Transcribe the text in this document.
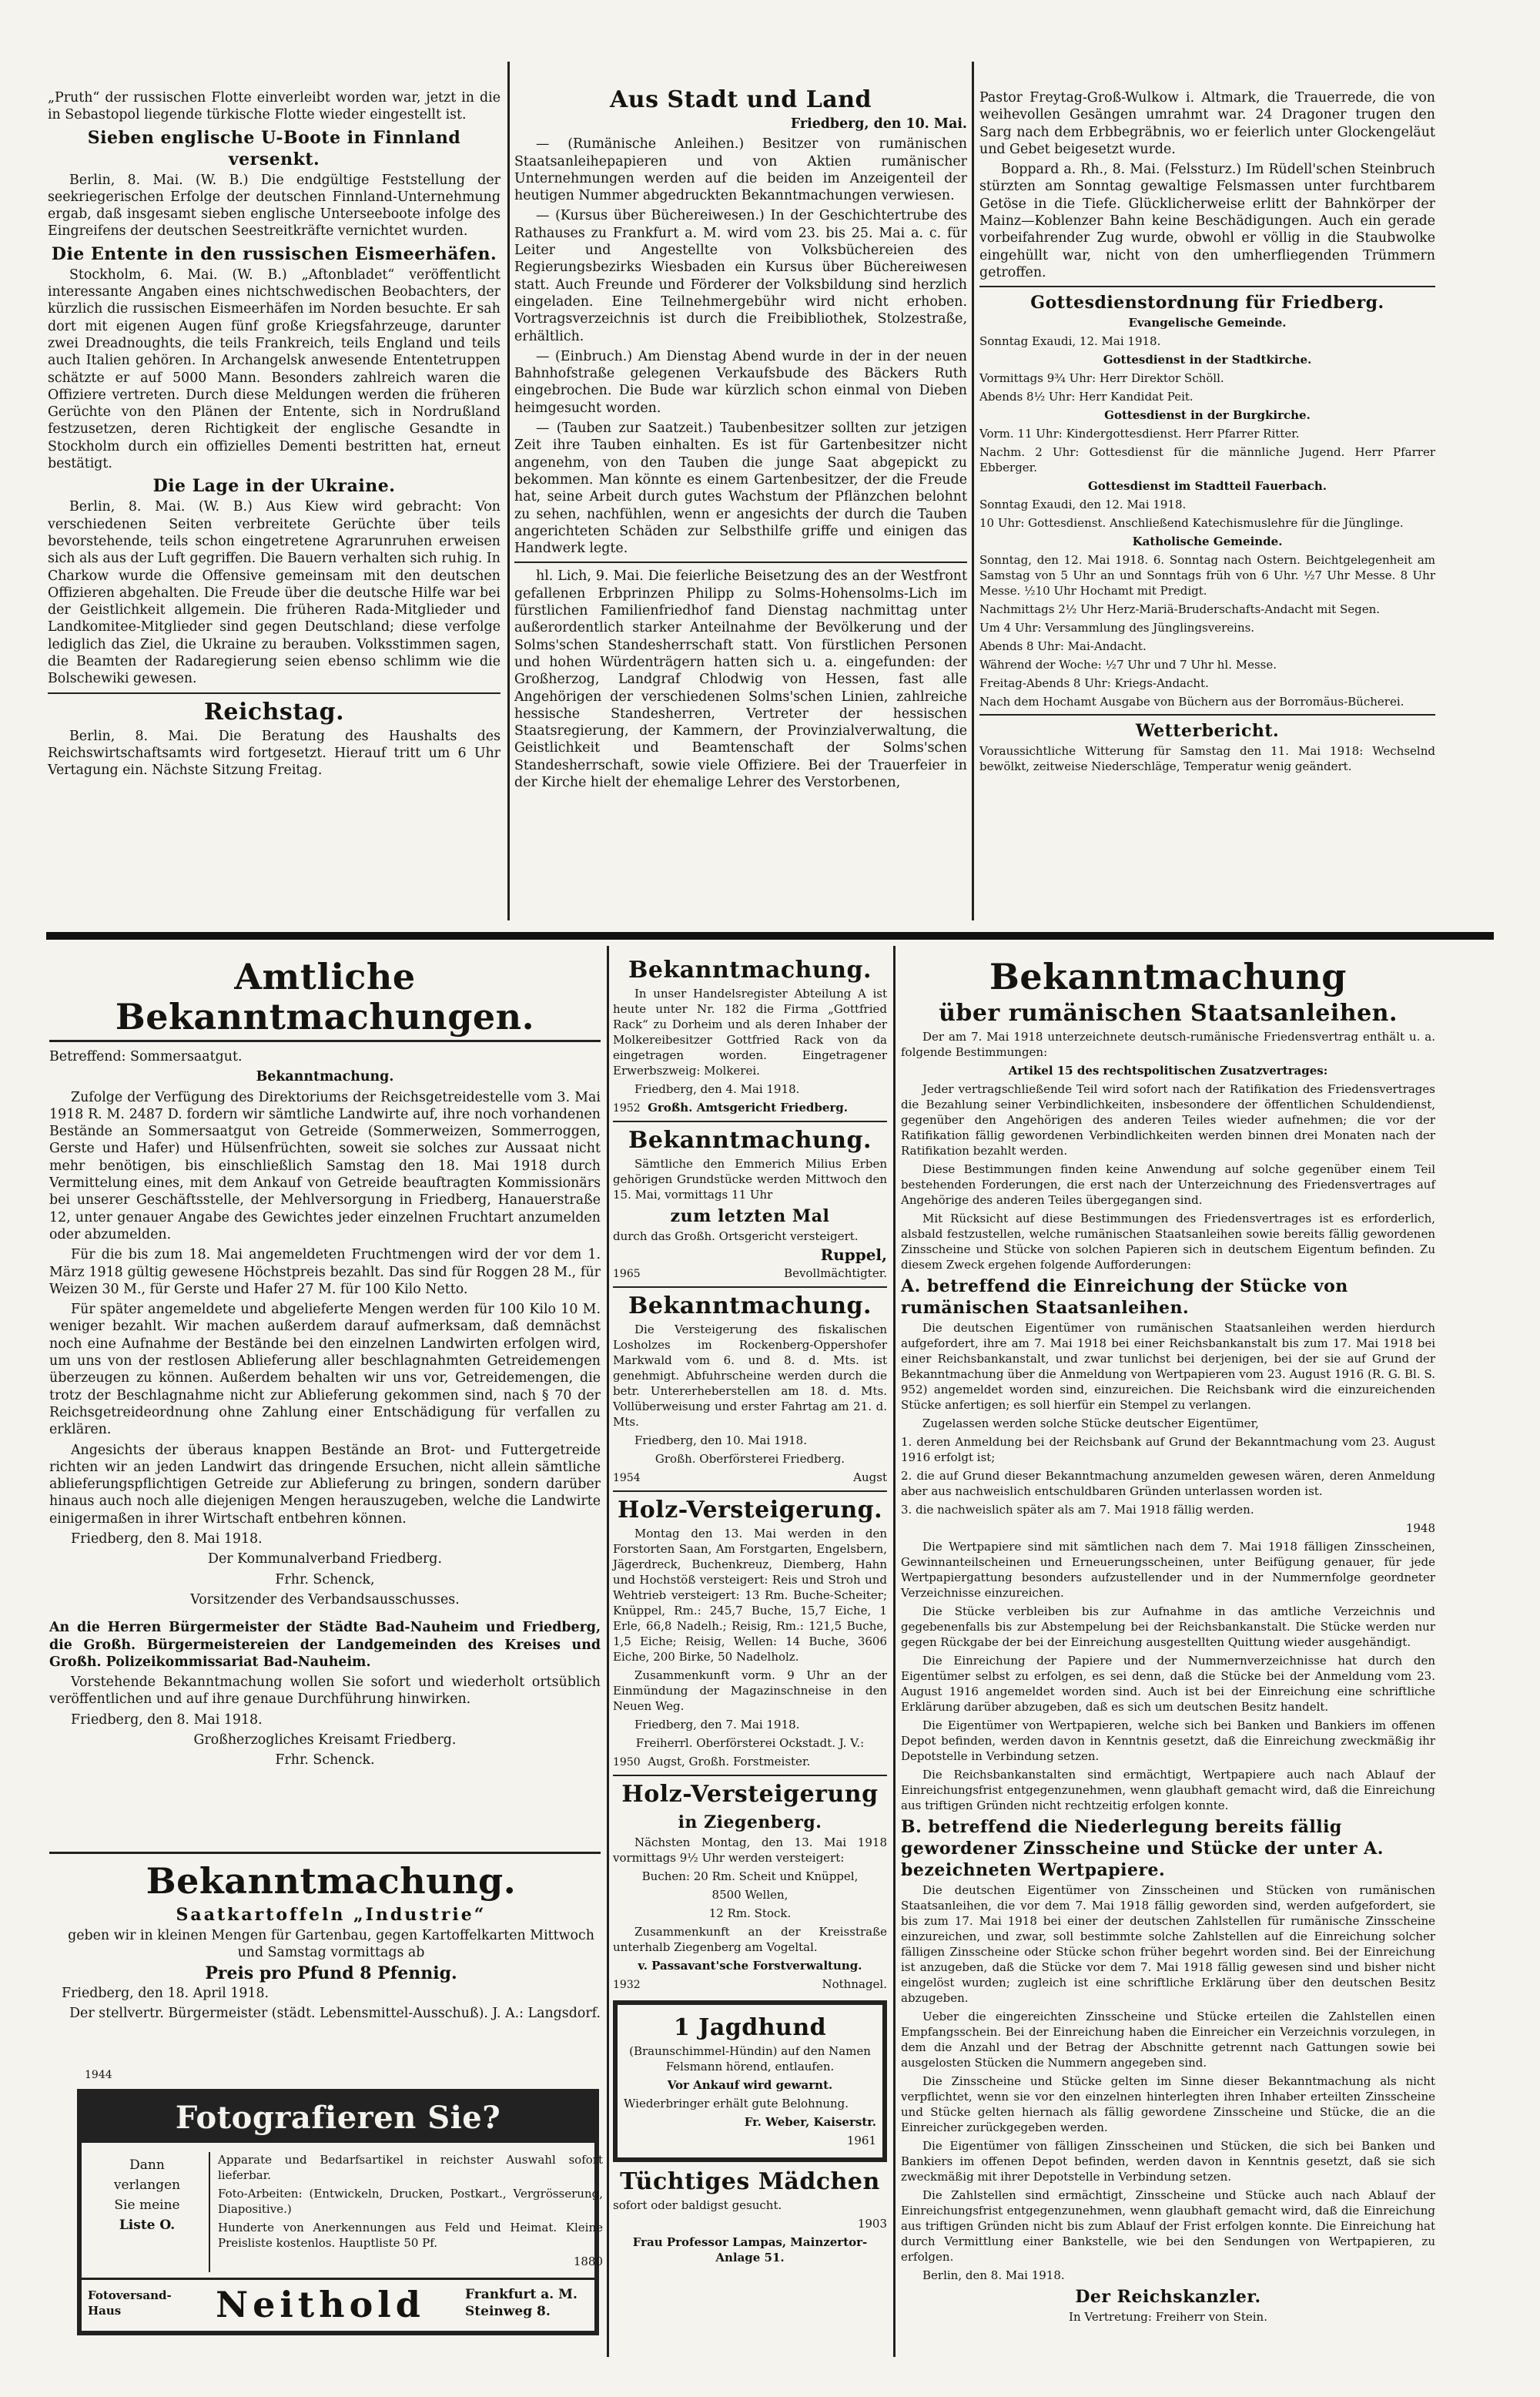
„Pruth“ der russischen Flotte einverleibt worden war, jetzt in die in Sebastopol liegende türkische Flotte wieder eingestellt ist.

Sieben englische U-Boote in Finnland versenkt.

Berlin, 8. Mai. (W. B.) Die endgültige Feststellung der seekriegerischen Erfolge der deutschen Finnland-Unternehmung ergab, daß insgesamt sieben englische Unterseeboote infolge des Eingreifens der deutschen Seestreitkräfte vernichtet wurden.

Die Entente in den russischen Eismeerhäfen.

Stockholm, 6. Mai. (W. B.) „Aftonbladet“ veröffentlicht interessante Angaben eines nichtschwedischen Beobachters, der kürzlich die russischen Eismeerhäfen im Norden besuchte. Er sah dort mit eigenen Augen fünf große Kriegsfahrzeuge, darunter zwei Dreadnoughts, die teils Frankreich, teils England und teils auch Italien gehören. In Archangelsk anwesende Ententetruppen schätzte er auf 5000 Mann. Besonders zahlreich waren die Offiziere vertreten. Durch diese Meldungen werden die früheren Gerüchte von den Plänen der Entente, sich in Nordrußland festzusetzen, deren Richtigkeit der englische Gesandte in Stockholm durch ein offizielles Dementi bestritten hat, erneut bestätigt.

Die Lage in der Ukraine.

Berlin, 8. Mai. (W. B.) Aus Kiew wird gebracht: Von verschiedenen Seiten verbreitete Gerüchte über teils bevorstehende, teils schon eingetretene Agrarunruhen erweisen sich als aus der Luft gegriffen. Die Bauern verhalten sich ruhig. In Charkow wurde die Offensive gemeinsam mit den deutschen Offizieren abgehalten. Die Freude über die deutsche Hilfe war bei der Geistlichkeit allgemein. Die früheren Rada-Mitglieder und Landkomitee-Mitglieder sind gegen Deutschland; diese verfolge lediglich das Ziel, die Ukraine zu berauben. Volksstimmen sagen, die Beamten der Radaregierung seien ebenso schlimm wie die Bolschewiki gewesen.

Reichstag.

Berlin, 8. Mai. Die Beratung des Haushalts des Reichswirtschaftsamts wird fortgesetzt. Hierauf tritt um 6 Uhr Vertagung ein. Nächste Sitzung Freitag.

Aus Stadt und Land

Friedberg, den 10. Mai.

— (Rumänische Anleihen.) Besitzer von rumänischen Staatsanleihepapieren und von Aktien rumänischer Unternehmungen werden auf die beiden im Anzeigenteil der heutigen Nummer abgedruckten Bekanntmachungen verwiesen.

— (Kursus über Büchereiwesen.) In der Geschichtertrube des Rathauses zu Frankfurt a. M. wird vom 23. bis 25. Mai a. c. für Leiter und Angestellte von Volksbüchereien des Regierungsbezirks Wiesbaden ein Kursus über Büchereiwesen statt. Auch Freunde und Förderer der Volksbildung sind herzlich eingeladen. Eine Teilnehmergebühr wird nicht erhoben. Vortragsverzeichnis ist durch die Freibibliothek, Stolzestraße, erhältlich.

— (Einbruch.) Am Dienstag Abend wurde in der in der neuen Bahnhofstraße gelegenen Verkaufsbude des Bäckers Ruth eingebrochen. Die Bude war kürzlich schon einmal von Dieben heimgesucht worden.

— (Tauben zur Saatzeit.) Taubenbesitzer sollten zur jetzigen Zeit ihre Tauben einhalten. Es ist für Gartenbesitzer nicht angenehm, von den Tauben die junge Saat abgepickt zu bekommen. Man könnte es einem Gartenbesitzer, der die Freude hat, seine Arbeit durch gutes Wachstum der Pflänzchen belohnt zu sehen, nachfühlen, wenn er angesichts der durch die Tauben angerichteten Schäden zur Selbsthilfe griffe und einigen das Handwerk legte.

hl. Lich, 9. Mai. Die feierliche Beisetzung des an der Westfront gefallenen Erbprinzen Philipp zu Solms-Hohensolms-Lich im fürstlichen Familienfriedhof fand Dienstag nachmittag unter außerordentlich starker Anteilnahme der Bevölkerung und der Solms'schen Standesherrschaft statt. Von fürstlichen Personen und hohen Würdenträgern hatten sich u. a. eingefunden: der Großherzog, Landgraf Chlodwig von Hessen, fast alle Angehörigen der verschiedenen Solms'schen Linien, zahlreiche hessische Standesherren, Vertreter der hessischen Staatsregierung, der Kammern, der Provinzialverwaltung, die Geistlichkeit und Beamtenschaft der Solms'schen Standesherrschaft, sowie viele Offiziere. Bei der Trauerfeier in der Kirche hielt der ehemalige Lehrer des Verstorbenen,

Pastor Freytag-Groß-Wulkow i. Altmark, die Trauerrede, die von weihevollen Gesängen umrahmt war. 24 Dragoner trugen den Sarg nach dem Erbbegräbnis, wo er feierlich unter Glockengeläut und Gebet beigesetzt wurde.

Boppard a. Rh., 8. Mai. (Felssturz.) Im Rüdell'schen Steinbruch stürzten am Sonntag gewaltige Felsmassen unter furchtbarem Getöse in die Tiefe. Glücklicherweise erlitt der Bahnkörper der Mainz—Koblenzer Bahn keine Beschädigungen. Auch ein gerade vorbeifahrender Zug wurde, obwohl er völlig in die Staubwolke eingehüllt war, nicht von den umherfliegenden Trümmern getroffen.

Gottesdienstordnung für Friedberg.

Evangelische Gemeinde.

Sonntag Exaudi, 12. Mai 1918.

Gottesdienst in der Stadtkirche.

Vormittags 9¾ Uhr: Herr Direktor Schöll.

Abends 8½ Uhr: Herr Kandidat Peit.

Gottesdienst in der Burgkirche.

Vorm. 11 Uhr: Kindergottesdienst. Herr Pfarrer Ritter.

Nachm. 2 Uhr: Gottesdienst für die männliche Jugend. Herr Pfarrer Ebberger.

Gottesdienst im Stadtteil Fauerbach.

Sonntag Exaudi, den 12. Mai 1918.

10 Uhr: Gottesdienst. Anschließend Katechismuslehre für die Jünglinge.

Katholische Gemeinde.

Sonntag, den 12. Mai 1918. 6. Sonntag nach Ostern. Beichtgelegenheit am Samstag von 5 Uhr an und Sonntags früh von 6 Uhr. ½7 Uhr Messe. 8 Uhr Messe. ½10 Uhr Hochamt mit Predigt.

Nachmittags 2½ Uhr Herz-Mariä-Bruderschafts-Andacht mit Segen.

Um 4 Uhr: Versammlung des Jünglingsvereins.

Abends 8 Uhr: Mai-Andacht.

Während der Woche: ½7 Uhr und 7 Uhr hl. Messe.

Freitag-Abends 8 Uhr: Kriegs-Andacht.

Nach dem Hochamt Ausgabe von Büchern aus der Borromäus-Bücherei.

Wetterbericht.

Voraussichtliche Witterung für Samstag den 11. Mai 1918: Wechselnd bewölkt, zeitweise Niederschläge, Temperatur wenig geändert.

Amtliche Bekanntmachungen.

Betreffend: Sommersaatgut.

Bekanntmachung.

Zufolge der Verfügung des Direktoriums der Reichsgetreidestelle vom 3. Mai 1918 R. M. 2487 D. fordern wir sämtliche Landwirte auf, ihre noch vorhandenen Bestände an Sommersaatgut von Getreide (Sommerweizen, Sommerroggen, Gerste und Hafer) und Hülsenfrüchten, soweit sie solches zur Aussaat nicht mehr benötigen, bis einschließlich Samstag den 18. Mai 1918 durch Vermittelung eines, mit dem Ankauf von Getreide beauftragten Kommissionärs bei unserer Geschäftsstelle, der Mehlversorgung in Friedberg, Hanauerstraße 12, unter genauer Angabe des Gewichtes jeder einzelnen Fruchtart anzumelden oder abzumelden.

Für die bis zum 18. Mai angemeldeten Fruchtmengen wird der vor dem 1. März 1918 gültig gewesene Höchstpreis bezahlt. Das sind für Roggen 28 M., für Weizen 30 M., für Gerste und Hafer 27 M. für 100 Kilo Netto.

Für später angemeldete und abgelieferte Mengen werden für 100 Kilo 10 M. weniger bezahlt. Wir machen außerdem darauf aufmerksam, daß demnächst noch eine Aufnahme der Bestände bei den einzelnen Landwirten erfolgen wird, um uns von der restlosen Ablieferung aller beschlagnahmten Getreidemengen überzeugen zu können. Außerdem behalten wir uns vor, Getreidemengen, die trotz der Beschlagnahme nicht zur Ablieferung gekommen sind, nach § 70 der Reichsgetreideordnung ohne Zahlung einer Entschädigung für verfallen zu erklären.

Angesichts der überaus knappen Bestände an Brot- und Futtergetreide richten wir an jeden Landwirt das dringende Ersuchen, nicht allein sämtliche ablieferungspflichtigen Getreide zur Ablieferung zu bringen, sondern darüber hinaus auch noch alle diejenigen Mengen herauszugeben, welche die Landwirte einigermaßen in ihrer Wirtschaft entbehren können.

Friedberg, den 8. Mai 1918.

Der Kommunalverband Friedberg.

Frhr. Schenck,

Vorsitzender des Verbandsausschusses.

An die Herren Bürgermeister der Städte Bad-Nauheim und Friedberg, die Großh. Bürgermeistereien der Landgemeinden des Kreises und Großh. Polizeikommissariat Bad-Nauheim.

Vorstehende Bekanntmachung wollen Sie sofort und wiederholt ortsüblich veröffentlichen und auf ihre genaue Durchführung hinwirken.

Friedberg, den 8. Mai 1918.

Großherzogliches Kreisamt Friedberg.

Frhr. Schenck.

Bekanntmachung.
Saatkartoffeln „Industrie“

geben wir in kleinen Mengen für Gartenbau, gegen Kartoffelkarten Mittwoch und Samstag vormittags ab

Preis pro Pfund 8 Pfennig.

Friedberg, den 18. April 1918.

Der stellvertr. Bürgermeister (städt. Lebensmittel-Ausschuß). J. A.: Langsdorf.

1944
Fotografieren Sie?
Dann
verlangen
Sie meine
Liste O.

Apparate und Bedarfsartikel in reichster Auswahl sofort lieferbar.

Foto-Arbeiten: (Entwickeln, Drucken, Postkart., Vergrösserung, Diapositive.)

Hunderte von Anerkennungen aus Feld und Heimat. Kleine Preisliste kostenlos. Hauptliste 50 Pf.

1880

Fotoversand-Haus	Neithold	Frankfurt a. M.
Steinweg 8.
Bekanntmachung.

In unser Handelsregister Abteilung A ist heute unter Nr. 182 die Firma „Gottfried Rack“ zu Dorheim und als deren Inhaber der Molkereibesitzer Gottfried Rack von da eingetragen worden. Eingetragener Erwerbszweig: Molkerei.

Friedberg, den 4. Mai 1918.

1952 Großh. Amtsgericht Friedberg.

Bekanntmachung.

Sämtliche den Emmerich Milius Erben gehörigen Grundstücke werden Mittwoch den 15. Mai, vormittags 11 Uhr

zum letzten Mal

durch das Großh. Ortsgericht versteigert.

Ruppel,

1965	Bevollmächtigter.

Bekanntmachung.

Die Versteigerung des fiskalischen Losholzes im Rockenberg-Oppershofer Markwald vom 6. und 8. d. Mts. ist genehmigt. Abfuhrscheine werden durch die betr. Untererheberstellen am 18. d. Mts. Vollüberweisung und erster Fahrtag am 21. d. Mts.

Friedberg, den 10. Mai 1918.

Großh. Oberförsterei Friedberg.

1954	Augst

Holz-Versteigerung.

Montag den 13. Mai werden in den Forstorten Saan, Am Forstgarten, Engelsbern, Jägerdreck, Buchenkreuz, Diemberg, Hahn und Hochstöß versteigert: Reis und Stroh und Wehtrieb versteigert: 13 Rm. Buche-Scheiter; Knüppel, Rm.: 245,7 Buche, 15,7 Eiche, 1 Erle, 66,8 Nadelh.; Reisig, Rm.: 121,5 Buche, 1,5 Eiche; Reisig, Wellen: 14 Buche, 3606 Eiche, 200 Birke, 50 Nadelholz.

Zusammenkunft vorm. 9 Uhr an der Einmündung der Magazinschneise in den Neuen Weg.

Friedberg, den 7. Mai 1918.

Freiherrl. Oberförsterei Ockstadt. J. V.:

1950 Augst, Großh. Forstmeister.

Holz-Versteigerung
in Ziegenberg.

Nächsten Montag, den 13. Mai 1918 vormittags 9½ Uhr werden versteigert:

Buchen: 20 Rm. Scheit und Knüppel,

8500 Wellen,

12 Rm. Stock.

Zusammenkunft an der Kreisstraße unterhalb Ziegenberg am Vogeltal.

v. Passavant'sche Forstverwaltung.

1932	Nothnagel.

1 Jagdhund

(Braunschimmel-Hündin) auf den Namen Felsmann hörend, entlaufen.

Vor Ankauf wird gewarnt.

Wiederbringer erhält gute Belohnung.

Fr. Weber, Kaiserstr.

1961

Tüchtiges Mädchen

sofort oder baldigst gesucht.

1903

Frau Professor Lampas, Mainzertor-Anlage 51.

Bekanntmachung
über rumänischen Staatsanleihen.

Der am 7. Mai 1918 unterzeichnete deutsch-rumänische Friedensvertrag enthält u. a. folgende Bestimmungen:

Artikel 15 des rechtspolitischen Zusatzvertrages:

Jeder vertragschließende Teil wird sofort nach der Ratifikation des Friedensvertrages die Bezahlung seiner Verbindlichkeiten, insbesondere der öffentlichen Schuldendienst, gegenüber den Angehörigen des anderen Teiles wieder aufnehmen; die vor der Ratifikation fällig gewordenen Verbindlichkeiten werden binnen drei Monaten nach der Ratifikation bezahlt werden.

Diese Bestimmungen finden keine Anwendung auf solche gegenüber einem Teil bestehenden Forderungen, die erst nach der Unterzeichnung des Friedensvertrages auf Angehörige des anderen Teiles übergegangen sind.

Mit Rücksicht auf diese Bestimmungen des Friedensvertrages ist es erforderlich, alsbald festzustellen, welche rumänischen Staatsanleihen sowie bereits fällig gewordenen Zinsscheine und Stücke von solchen Papieren sich in deutschem Eigentum befinden. Zu diesem Zweck ergehen folgende Aufforderungen:

A. betreffend die Einreichung der Stücke von rumänischen Staatsanleihen.

Die deutschen Eigentümer von rumänischen Staatsanleihen werden hierdurch aufgefordert, ihre am 7. Mai 1918 bei einer Reichsbankanstalt bis zum 17. Mai 1918 bei einer Reichsbankanstalt, und zwar tunlichst bei derjenigen, bei der sie auf Grund der Bekanntmachung über die Anmeldung von Wertpapieren vom 23. August 1916 (R. G. Bl. S. 952) angemeldet worden sind, einzureichen. Die Reichsbank wird die einzureichenden Stücke anfertigen; es soll hierfür ein Stempel zu verlangen.

Zugelassen werden solche Stücke deutscher Eigentümer,

1. deren Anmeldung bei der Reichsbank auf Grund der Bekanntmachung vom 23. August 1916 erfolgt ist;

2. die auf Grund dieser Bekanntmachung anzumelden gewesen wären, deren Anmeldung aber aus nachweislich entschuldbaren Gründen unterlassen worden ist.

3. die nachweislich später als am 7. Mai 1918 fällig werden.

1948

Die Wertpapiere sind mit sämtlichen nach dem 7. Mai 1918 fälligen Zinsscheinen, Gewinnanteilscheinen und Erneuerungsscheinen, unter Beifügung genauer, für jede Wertpapiergattung besonders aufzustellender und in der Nummernfolge geordneter Verzeichnisse einzureichen.

Die Stücke verbleiben bis zur Aufnahme in das amtliche Verzeichnis und gegebenenfalls bis zur Abstempelung bei der Reichsbankanstalt. Die Stücke werden nur gegen Rückgabe der bei der Einreichung ausgestellten Quittung wieder ausgehändigt.

Die Einreichung der Papiere und der Nummernverzeichnisse hat durch den Eigentümer selbst zu erfolgen, es sei denn, daß die Stücke bei der Anmeldung vom 23. August 1916 angemeldet worden sind. Auch ist bei der Einreichung eine schriftliche Erklärung darüber abzugeben, daß es sich um deutschen Besitz handelt.

Die Eigentümer von Wertpapieren, welche sich bei Banken und Bankiers im offenen Depot befinden, werden davon in Kenntnis gesetzt, daß die Einreichung zweckmäßig ihr Depotstelle in Verbindung setzen.

Die Reichsbankanstalten sind ermächtigt, Wertpapiere auch nach Ablauf der Einreichungsfrist entgegenzunehmen, wenn glaubhaft gemacht wird, daß die Einreichung aus triftigen Gründen nicht rechtzeitig erfolgen konnte.

B. betreffend die Niederlegung bereits fällig gewordener Zinsscheine und Stücke der unter A. bezeichneten Wertpapiere.

Die deutschen Eigentümer von Zinsscheinen und Stücken von rumänischen Staatsanleihen, die vor dem 7. Mai 1918 fällig geworden sind, werden aufgefordert, sie bis zum 17. Mai 1918 bei einer der deutschen Zahlstellen für rumänische Zinsscheine einzureichen, und zwar, soll bestimmte solche Zahlstellen auf die Einreichung solcher fälligen Zinsscheine oder Stücke schon früher begehrt worden sind. Bei der Einreichung ist anzugeben, daß die Stücke vor dem 7. Mai 1918 fällig gewesen sind und bisher nicht eingelöst wurden; zugleich ist eine schriftliche Erklärung über den deutschen Besitz abzugeben.

Ueber die eingereichten Zinsscheine und Stücke erteilen die Zahlstellen einen Empfangsschein. Bei der Einreichung haben die Einreicher ein Verzeichnis vorzulegen, in dem die Anzahl und der Betrag der Abschnitte getrennt nach Gattungen sowie bei ausgelosten Stücken die Nummern angegeben sind.

Die Zinsscheine und Stücke gelten im Sinne dieser Bekanntmachung als nicht verpflichtet, wenn sie vor den einzelnen hinterlegten ihren Inhaber erteilten Zinsscheine und Stücke gelten hiernach als fällig gewordene Zinsscheine und Stücke, die an die Einreicher zurückgegeben werden.

Die Eigentümer von fälligen Zinsscheinen und Stücken, die sich bei Banken und Bankiers im offenen Depot befinden, werden davon in Kenntnis gesetzt, daß sie sich zweckmäßig mit ihrer Depotstelle in Verbindung setzen.

Die Zahlstellen sind ermächtigt, Zinsscheine und Stücke auch nach Ablauf der Einreichungsfrist entgegenzunehmen, wenn glaubhaft gemacht wird, daß die Einreichung aus triftigen Gründen nicht bis zum Ablauf der Frist erfolgen konnte. Die Einreichung hat durch Vermittlung einer Bankstelle, wie bei den Sendungen von Wertpapieren, zu erfolgen.

Berlin, den 8. Mai 1918.

Der Reichskanzler.

In Vertretung: Freiherr von Stein.
